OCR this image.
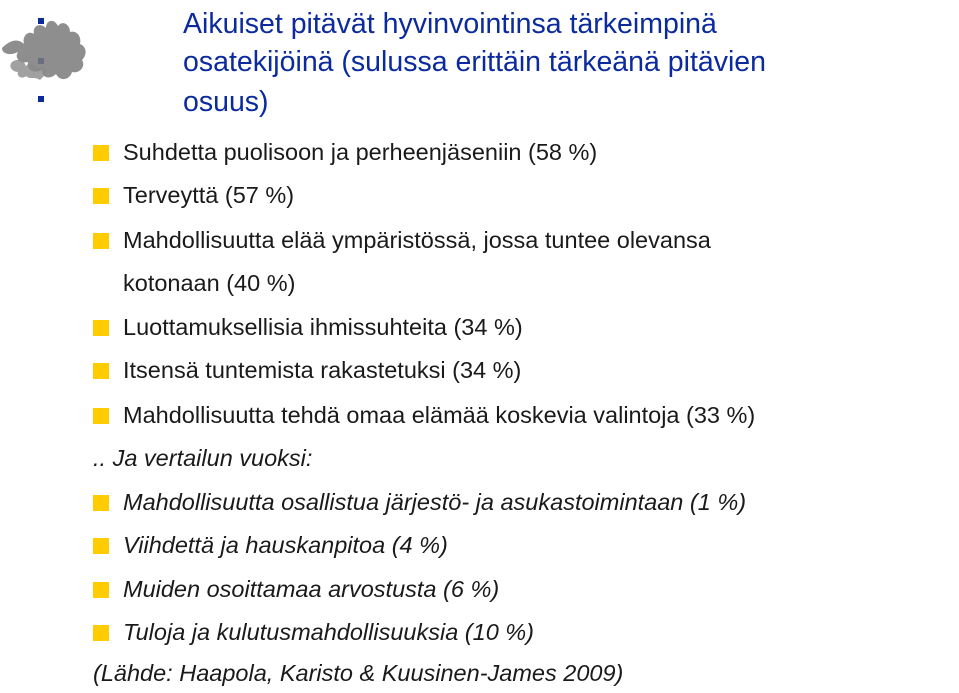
Aikuiset pitävät hyvinvointinsa tärkeimpinä
osatekijöinä (sulussa erittäin tärkeänä pitävien
osuus)
Suhdetta puolisoon ja perheenjäseniin (58 %)
Terveyttä (57 %)
Mahdollisuutta elää ympäristössä, jossa tuntee olevansa
kotonaan (40 %)
Luottamuksellisia ihmissuhteita (34 %)
Itsensä tuntemista rakastetuksi (34 %)
Mahdollisuutta tehdä omaa elämää koskevia valintoja (33 %)
.. Ja vertailun vuoksi:
Mahdollisuutta osallistua järjestö- ja asukastoimintaan (1 %)
Viihdettä ja hauskanpitoa (4 %)
Muiden osoittamaa arvostusta (6 %)
Tuloja ja kulutusmahdollisuuksia (10 %)
(Lähde: Haapola, Karisto & Kuusinen-James 2009)
